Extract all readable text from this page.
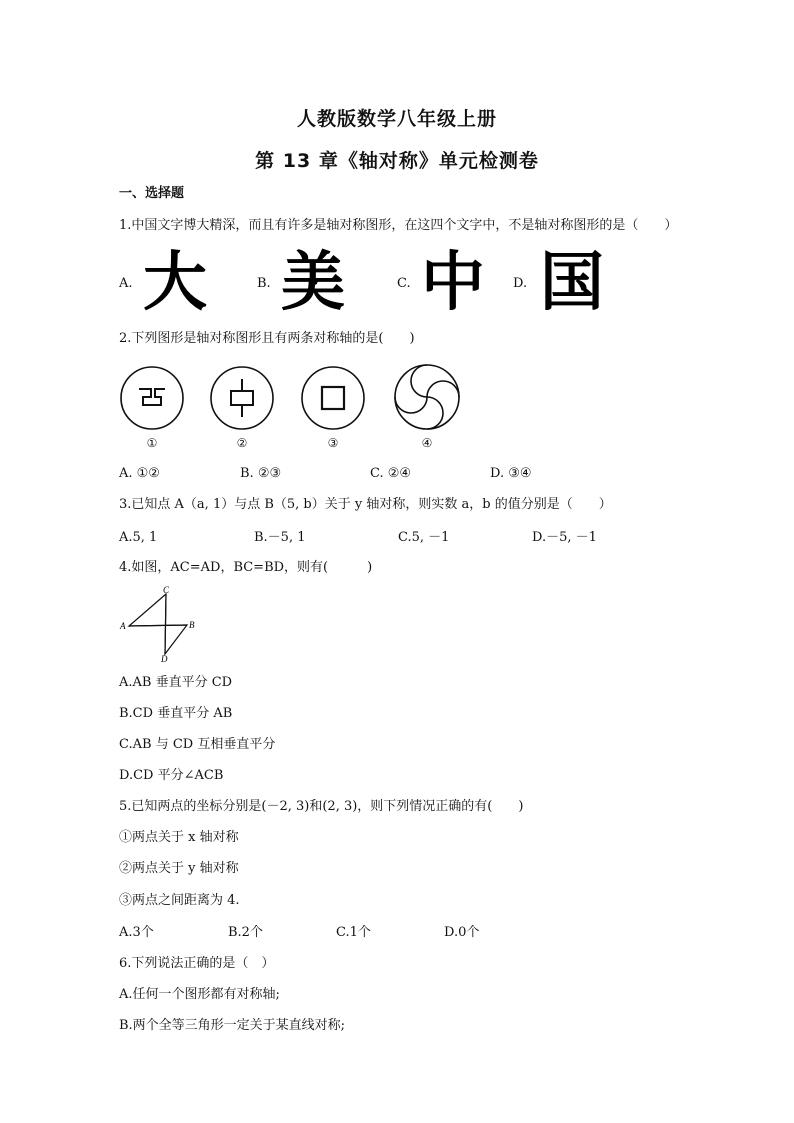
人教版数学八年级上册
第 13 章《轴对称》单元检测卷
一、选择题
1.中国文字博大精深，而且有许多是轴对称图形，在这四个文字中，不是轴对称图形的是（　　）
A. 大	B. 美	C. 中 D. 国
2.下列图形是轴对称图形且有两条对称轴的是(　　)
①	②	③	④
A. ①②	B. ②③	C. ②④	D. ③④
3.已知点 A（a, 1）与点 B（5, b）关于 y 轴对称，则实数 a，b 的值分别是（　　）
A.5, 1	B.－5, 1	C.5, －1	D.－5, －1
4.如图，AC=AD，BC=BD，则有(　　　)
C
A	B
D
A.AB 垂直平分 CD
B.CD 垂直平分 AB
C.AB 与 CD 互相垂直平分
D.CD 平分∠ACB
5.已知两点的坐标分别是(－2, 3)和(2, 3)，则下列情况正确的有(　　)
①两点关于 x 轴对称
②两点关于 y 轴对称
③两点之间距离为 4.
A.3个	B.2个	C.1个	D.0个
6.下列说法正确的是（　）
A.任何一个图形都有对称轴;
B.两个全等三角形一定关于某直线对称;
